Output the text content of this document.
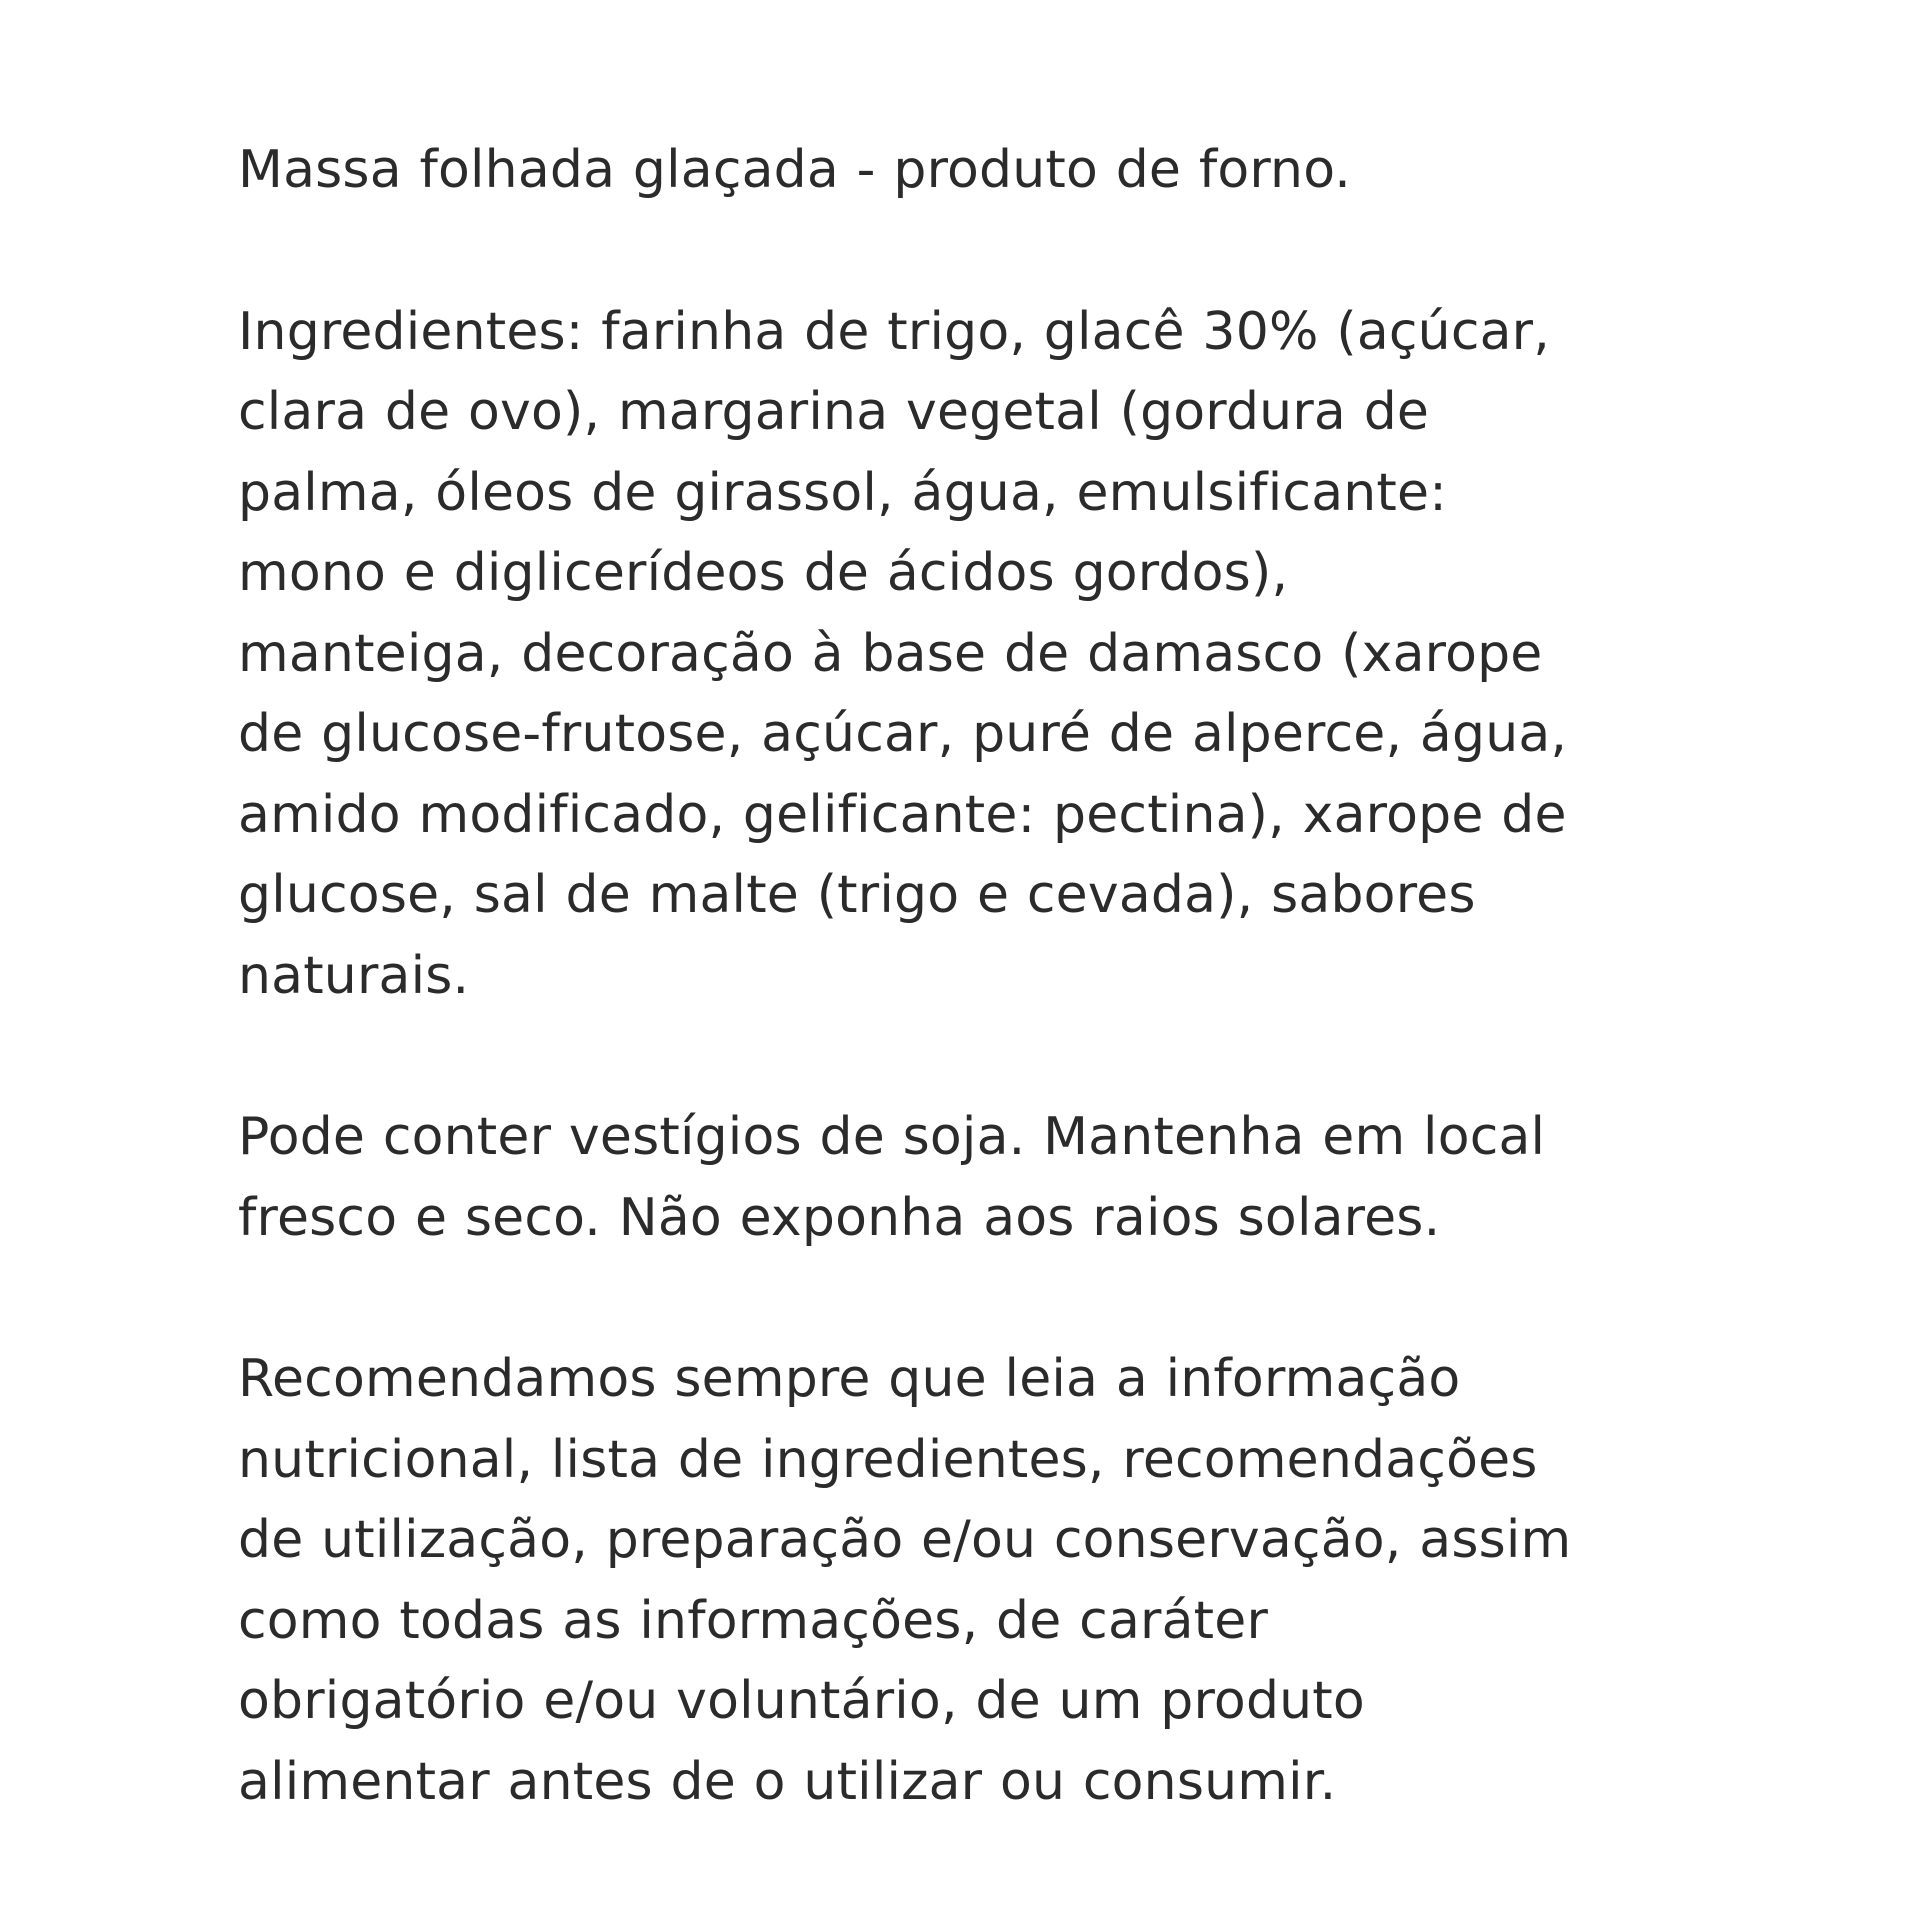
Massa folhada glaçada - produto de forno.

Ingredientes: farinha de trigo, glacê 30% (açúcar,
clara de ovo), margarina vegetal (gordura de
palma, óleos de girassol, água, emulsificante:
mono e diglicerídeos de ácidos gordos),
manteiga, decoração à base de damasco (xarope
de glucose-frutose, açúcar, puré de alperce, água,
amido modificado, gelificante: pectina), xarope de
glucose, sal de malte (trigo e cevada), sabores
naturais.

Pode conter vestígios de soja. Mantenha em local
fresco e seco. Não exponha aos raios solares.

Recomendamos sempre que leia a informação
nutricional, lista de ingredientes, recomendações
de utilização, preparação e/ou conservação, assim
como todas as informações, de caráter
obrigatório e/ou voluntário, de um produto
alimentar antes de o utilizar ou consumir.
